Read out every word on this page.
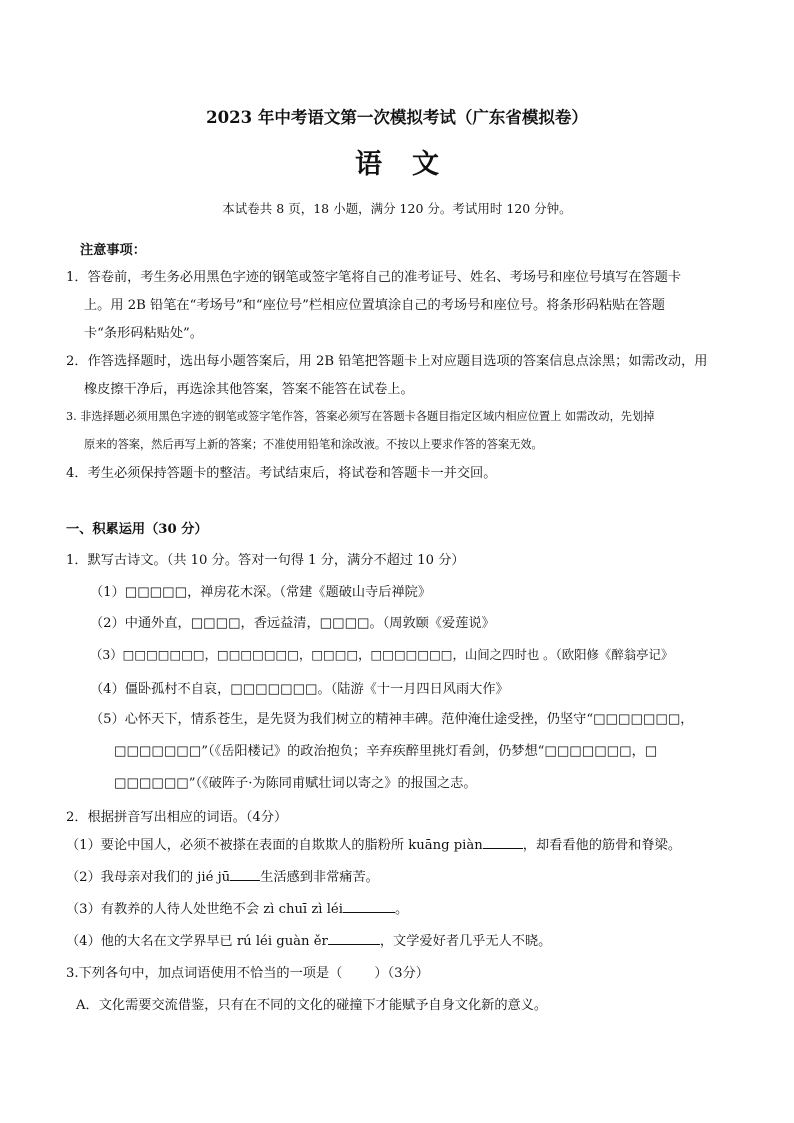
2023 年中考语文第一次模拟考试（广东省模拟卷）
语文
本试卷共 8 页，18 小题，满分 120 分。考试用时 120 分钟。
注意事项：
1．答卷前，考生务必用黑色字迹的钢笔或签字笔将自己的准考证号、姓名、考场号和座位号填写在答题卡
上。用 2B 铅笔在“考场号”和“座位号”栏相应位置填涂自己的考场号和座位号。将条形码粘贴在答题
卡“条形码粘贴处”。
2．作答选择题时，选出每小题答案后，用 2B 铅笔把答题卡上对应题目选项的答案信息点涂黑；如需改动，用
橡皮擦干净后，再选涂其他答案，答案不能答在试卷上。
3. 非选择题必须用黑色字迹的钢笔或签字笔作答，答案必须写在答题卡各题目指定区域内相应位置上 如需改动，先划掉
原来的答案，然后再写上新的答案；不准使用铅笔和涂改液。不按以上要求作答的答案无效。
4．考生必须保持答题卡的整洁。考试结束后，将试卷和答题卡一并交回。
一、积累运用（30 分）
1．默写古诗文。（共 10 分。答对一句得 1 分，满分不超过 10 分）
（1）□□□□□，禅房花木深。（常建《题破山寺后禅院》
（2）中通外直，□□□□，香远益清，□□□□。（周敦颐《爱莲说》
（3）□□□□□□□，□□□□□□□，□□□□，□□□□□□□，山间之四时也 。（欧阳修《醉翁亭记》
（4）僵卧孤村不自哀，□□□□□□□。（陆游《十一月四日风雨大作》
（5）心怀天下，情系苍生，是先贤为我们树立的精神丰碑。范仲淹仕途受挫，仍坚守“□□□□□□□，
□□□□□□□”（《岳阳楼记》的政治抱负；辛弃疾醉里挑灯看剑，仍梦想“□□□□□□□，□
□□□□□□”（《破阵子·为陈同甫赋壮词以寄之》的报国之志。
2．根据拼音写出相应的词语。（4分）
（1）要论中国人，必须不被搽在表面的自欺欺人的脂粉所 kuāng piàn	，却看看他的筋骨和脊梁。
（2）我母亲对我们的 jié jū 生活感到非常痛苦。
（3）有教养的人待人处世绝不会 zì chuī zì léi	。
（4）他的大名在文学界早已 rú léi guàn ěr	，文学爱好者几乎无人不晓。
3.下列各句中，加点词语使用不恰当的一项是（ ）（3分）
A．文化需要交流借鉴，只有在不同的文化的碰撞下才能赋予自身文化新的意义。
